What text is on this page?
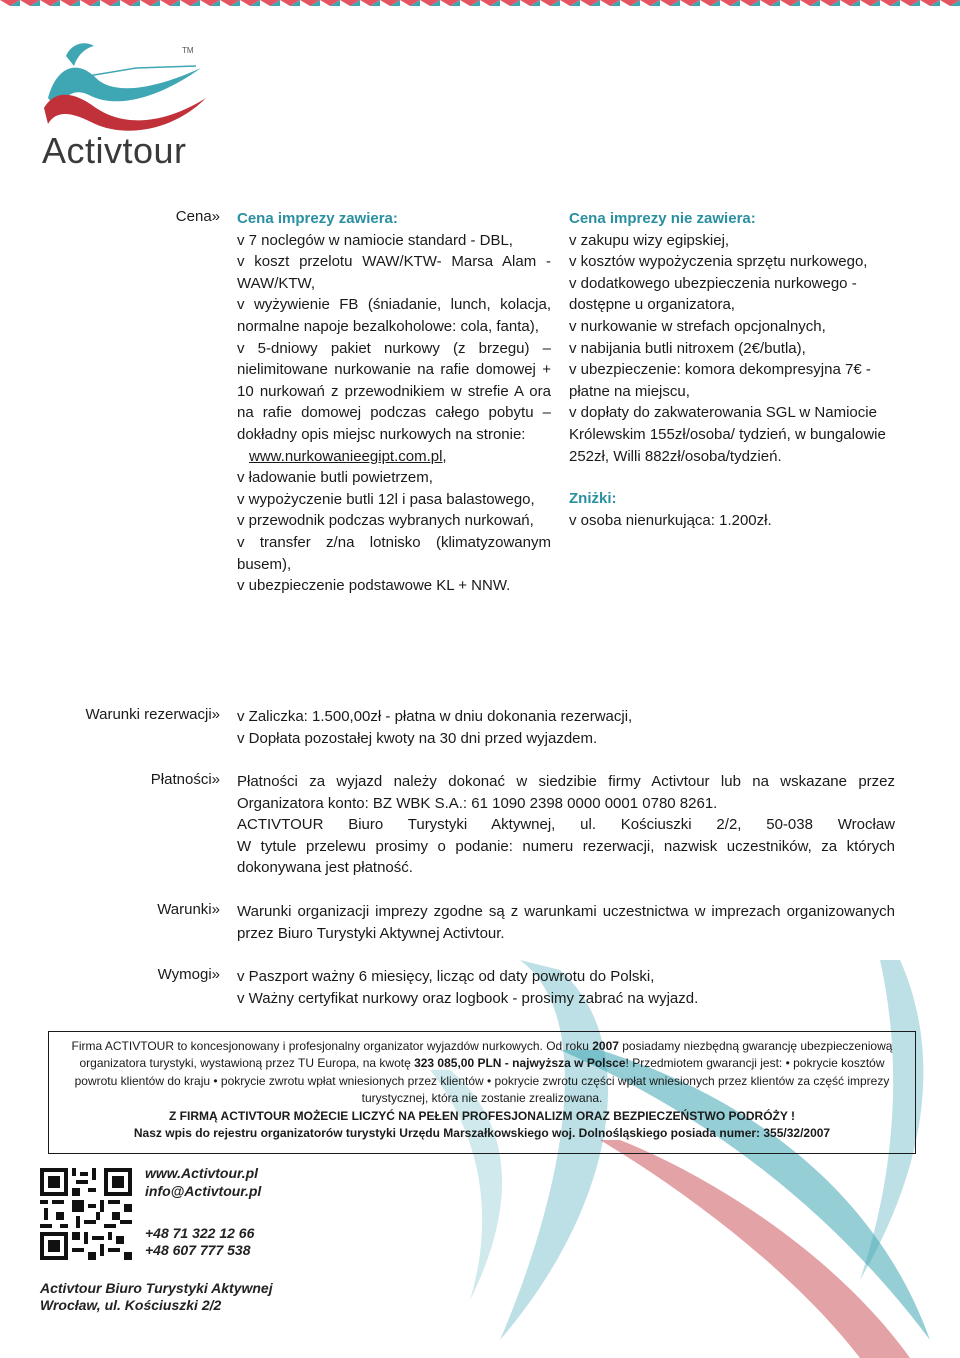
TM
Activtour
Cena» Cena imprezy zawiera:

v 7 noclegów w namiocie standard - DBL,

v koszt przelotu WAW/KTW- Marsa Alam - WAW/KTW,

v wyżywienie FB (śniadanie, lunch, kolacja, normalne napoje bezalkoholowe: cola, fanta),

v 5-dniowy pakiet nurkowy (z brzegu) – nielimitowane nurkowanie na rafie domowej + 10 nurkowań z przewodnikiem w strefie A ora na rafie domowej podczas całego pobytu – dokładny opis miejsc nurkowych na stronie:

www.nurkowanieegipt.com.pl,

v ładowanie butli powietrzem,

v wypożyczenie butli 12l i pasa balastowego,

v przewodnik podczas wybranych nurkowań,

v transfer z/na lotnisko (klimatyzowanym busem),

v ubezpieczenie podstawowe KL + NNW.

Cena imprezy nie zawiera:

v zakupu wizy egipskiej,

v kosztów wypożyczenia sprzętu nurkowego,

v dodatkowego ubezpieczenia nurkowego - dostępne u organizatora,

v nurkowanie w strefach opcjonalnych,

v nabijania butli nitroxem (2€/butla),

v ubezpieczenie: komora dekompresyjna 7€ - płatne na miejscu,

v dopłaty do zakwaterowania SGL w Namiocie Królewskim 155zł/osoba/ tydzień, w bungalowie 252zł, Willi 882zł/osoba/tydzień.

Zniżki:

v osoba nienurkująca: 1.200zł.

Warunki rezerwacji» v Zaliczka: 1.500,00zł - płatna w dniu dokonania rezerwacji,
v Dopłata pozostałej kwoty na 30 dni przed wyjazdem.
Płatności» Płatności za wyjazd należy dokonać w siedzibie firmy Activtour lub na wskazane przez Organizatora konto: BZ WBK S.A.: 61 1090 2398 0000 0001 0780 8261.
ACTIVTOUR Biuro Turystyki Aktywnej, ul. Kościuszki 2/2, 50-038 Wrocław
W tytule przelewu prosimy o podanie: numeru rezerwacji, nazwisk uczestników, za których dokonywana jest płatność.
Warunki» Warunki organizacji imprezy zgodne są z warunkami uczestnictwa w imprezach organizowanych przez Biuro Turystyki Aktywnej Activtour.
Wymogi» v Paszport ważny 6 miesięcy, licząc od daty powrotu do Polski,
v Ważny certyfikat nurkowy oraz logbook - prosimy zabrać na wyjazd.

Firma ACTIVTOUR to koncesjonowany i profesjonalny organizator wyjazdów nurkowych. Od roku 2007 posiadamy niezbędną gwarancję ubezpieczeniową organizatora turystyki, wystawioną przez TU Europa, na kwotę 323 085,00 PLN - najwyższa w Polsce! Przedmiotem gwarancji jest: • pokrycie kosztów powrotu klientów do kraju • pokrycie zwrotu wpłat wniesionych przez klientów • pokrycie zwrotu części wpłat wniesionych przez klientów za część imprezy turystycznej, która nie zostanie zrealizowana.

Z FIRMĄ ACTIVTOUR MOŻECIE LICZYĆ NA PEŁEN PROFESJONALIZM ORAZ BEZPIECZEŃSTWO PODRÓŻY !

Nasz wpis do rejestru organizatorów turystyki Urzędu Marszałkowskiego woj. Dolnośląskiego posiada numer: 355/32/2007

www.Activtour.pl
info@Activtour.pl
+48 71 322 12 66
+48 607 777 538
Activtour Biuro Turystyki Aktywnej
Wrocław, ul. Kościuszki 2/2
